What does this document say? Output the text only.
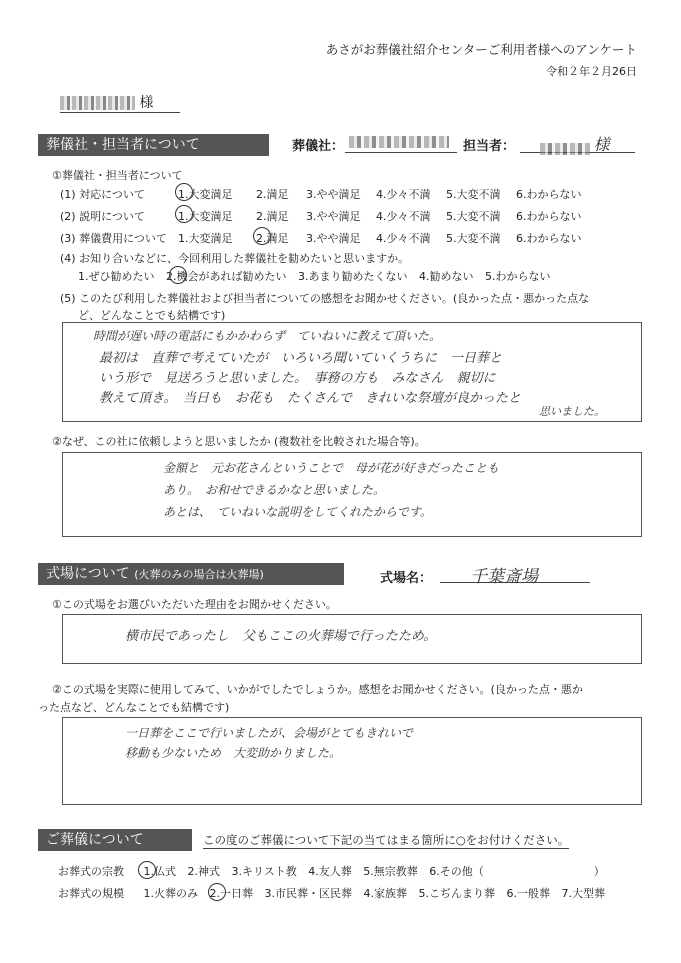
あさがお葬儀社紹介センターご利用者様へのアンケート
令和２年２月26日
様
葬儀社・担当者について	葬儀社：	担当者：	様
①葬儀社・担当者について
(1) 対応について	1.大変満足 2.満足 3.やや満足 4.少々不満 5.大変不満 6.わからない
(2) 説明について	1.大変満足 2.満足 3.やや満足 4.少々不満 5.大変不満 6.わからない
(3) 葬儀費用について 1.大変満足 2.満足 3.やや満足 4.少々不満 5.大変不満 6.わからない
(4) お知り合いなどに、今回利用した葬儀社を勧めたいと思いますか。
1.ぜひ勧めたい 2.機会があれば勧めたい 3.あまり勧めたくない 4.勧めない 5.わからない
(5) このたび利用した葬儀社および担当者についての感想をお聞かせください。(良かった点・悪かった点な
ど、どんなことでも結構です)
時間が遅い時の電話にもかかわらず　ていねいに教えて頂いた。
最初は　直葬で考えていたが　いろいろ聞いていくうちに　一日葬と
いう形で　見送ろうと思いました。　事務の方も　みなさん　親切に
教えて頂き。　当日も　お花も　たくさんで　きれいな祭壇が良かったと
思いました。
②なぜ、この社に依頼しようと思いましたか (複数社を比較された場合等)。
金額と　元お花さんということで　母が花が好きだったことも
あり。　お和せできるかなと思いました。
あとは、　ていねいな説明をしてくれたからです。
式場について (火葬のみの場合は火葬場)	式場名：	千葉斎場
①この式場をお選びいただいた理由をお聞かせください。
横市民であったし　父もここの火葬場で行ったため。
②この式場を実際に使用してみて、いかがでしたでしょうか。感想をお聞かせください。(良かった点・悪か
った点など、どんなことでも結構です)
一日葬をここで行いましたが、会場がとてもきれいで
移動も少ないため　大変助かりました。
ご葬儀について	この度のご葬儀について下記の当てはまる箇所に○をお付けください。
お葬式の宗教 1.仏式 2.神式 3.キリスト教 4.友人葬 5.無宗教葬 6.その他（　　　　　　　　　　）
お葬式の規模 1.火葬のみ 2.一日葬 3.市民葬・区民葬 4.家族葬 5.こぢんまり葬 6.一般葬 7.大型葬
